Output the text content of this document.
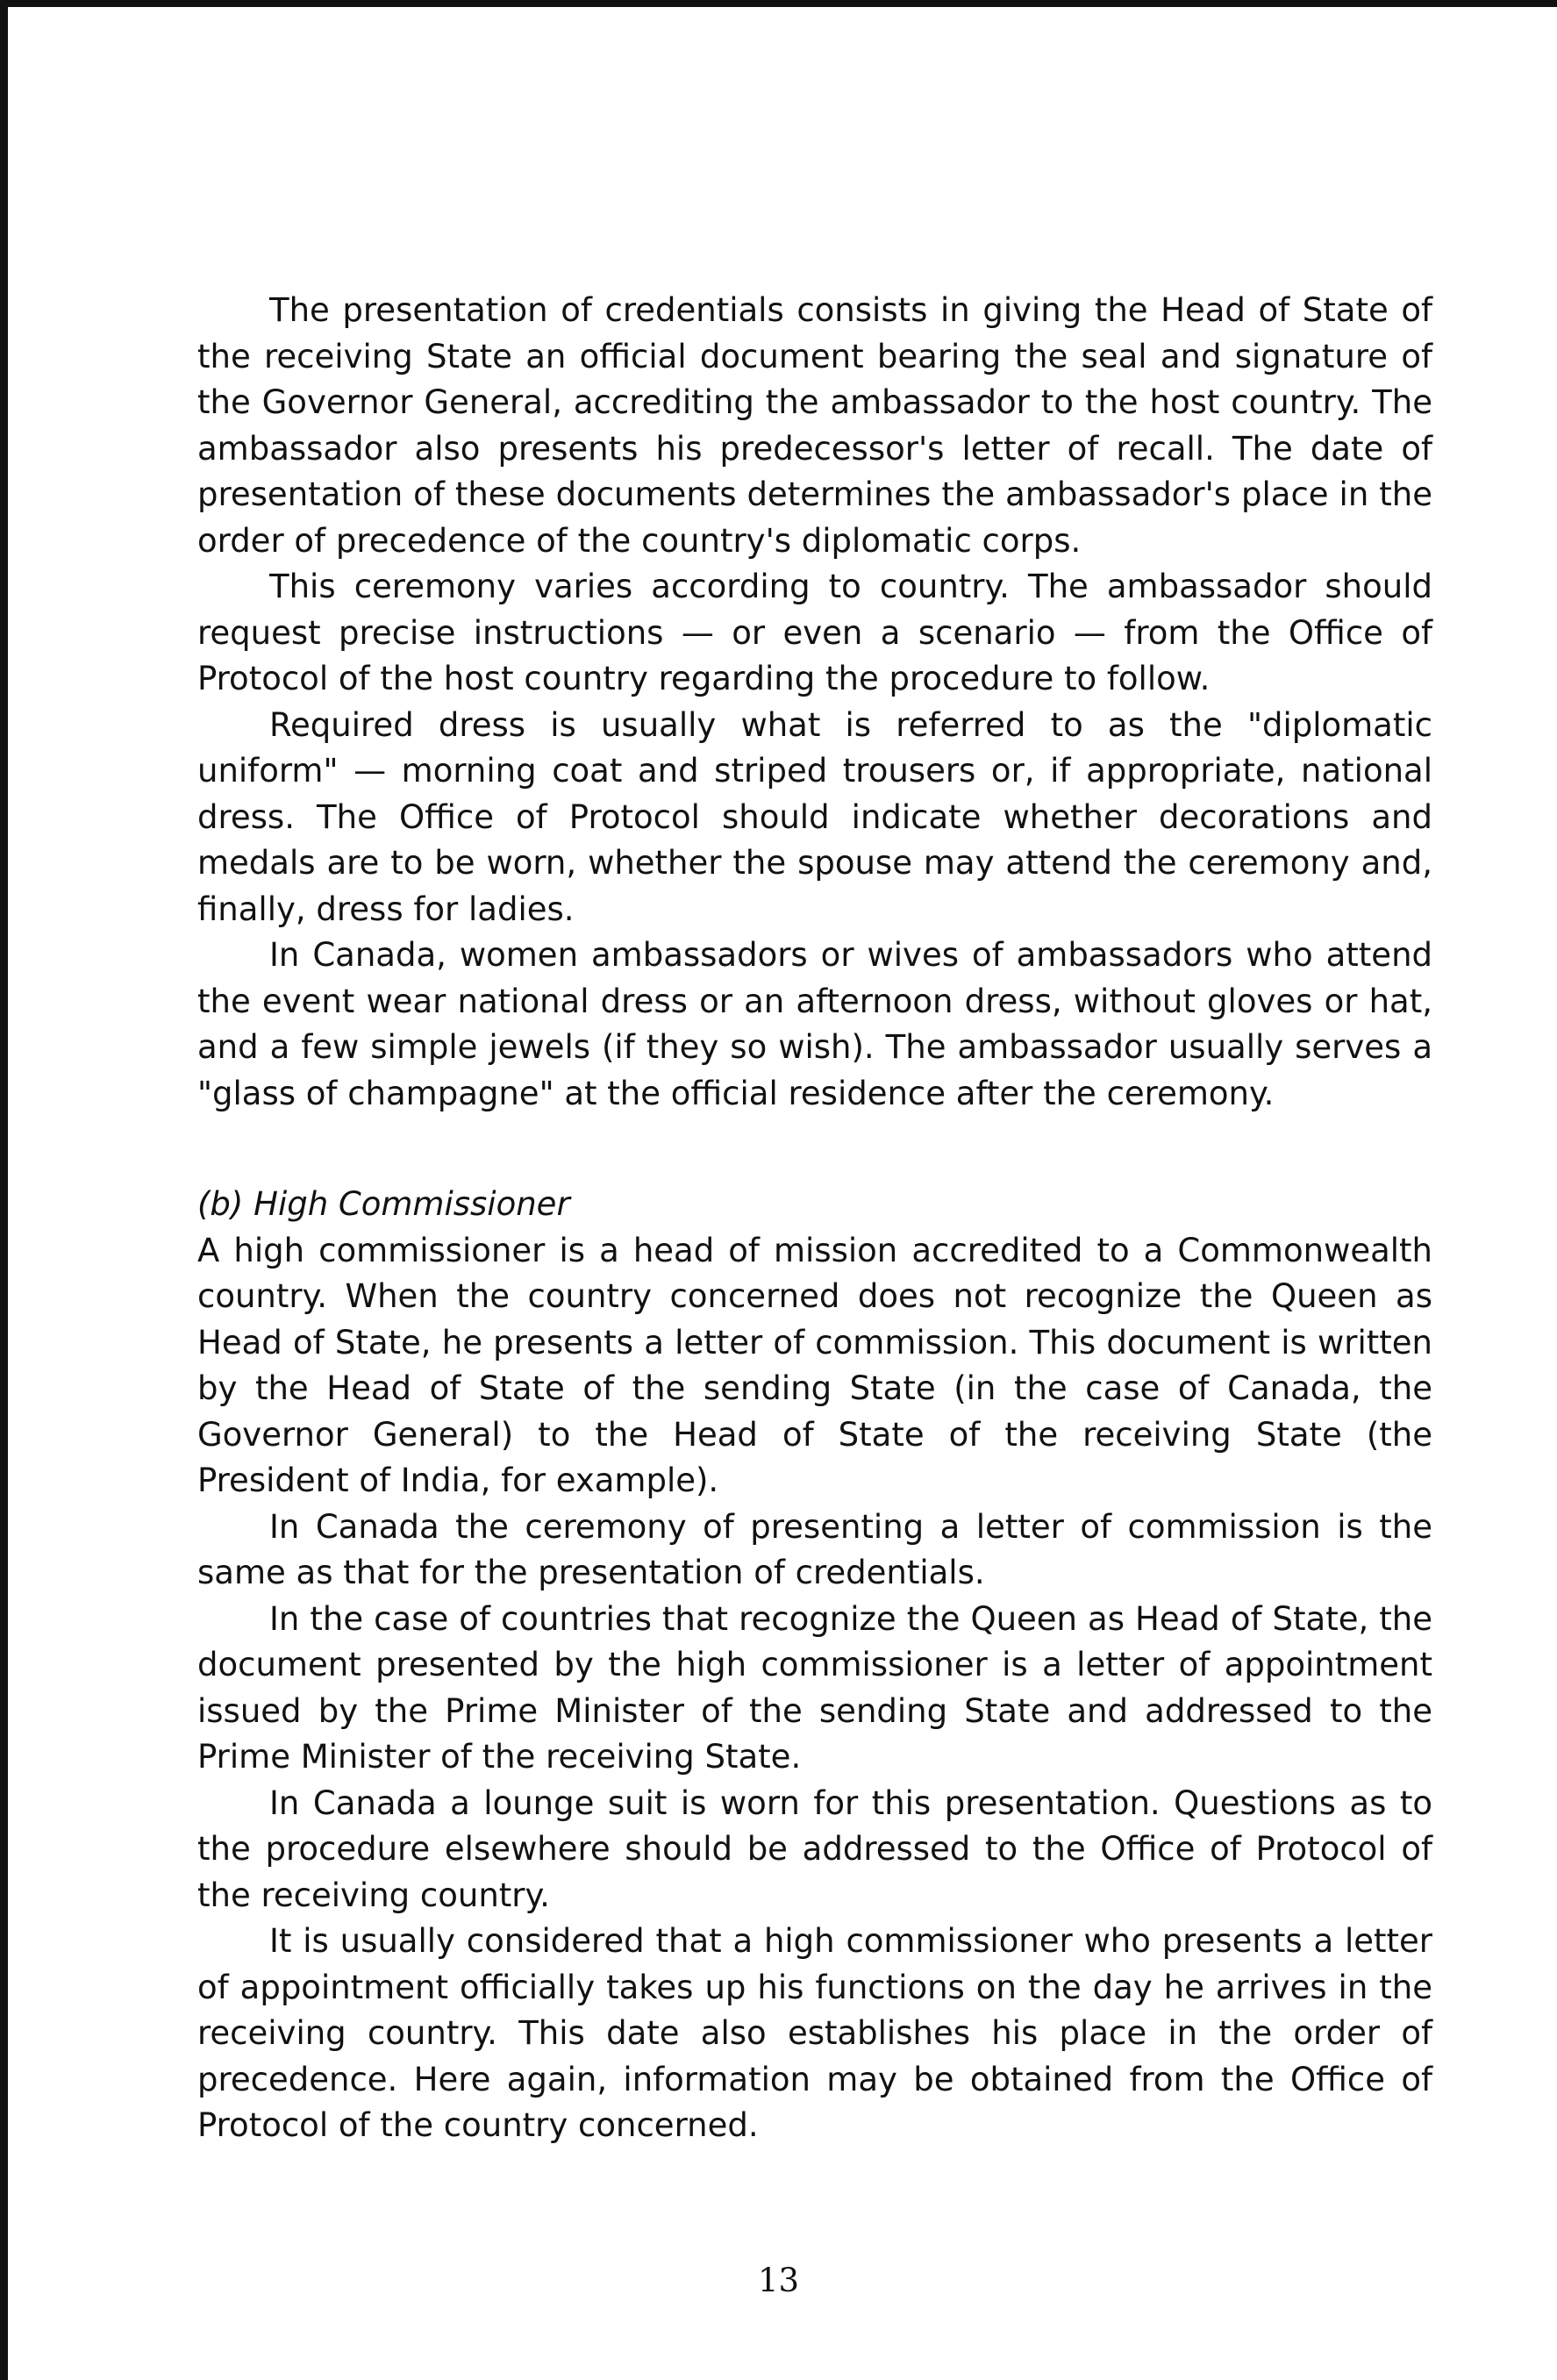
The presentation of credentials consists in giving the Head of State of the receiving State an official document bearing the seal and signature of the Governor General, accrediting the ambassador to the host country. The ambassador also presents his predecessor's letter of recall. The date of presentation of these documents determines the ambassador's place in the order of precedence of the country's diplomatic corps.

This ceremony varies according to country. The ambassador should request precise instructions — or even a scenario — from the Office of Protocol of the host country regarding the procedure to follow.

Required dress is usually what is referred to as the "diplomatic uniform" — morning coat and striped trousers or, if appropriate, national dress. The Office of Protocol should indicate whether decorations and medals are to be worn, whether the spouse may attend the ceremony and, finally, dress for ladies.

In Canada, women ambassadors or wives of ambassadors who attend the event wear national dress or an afternoon dress, without gloves or hat, and a few simple jewels (if they so wish). The ambassador usually serves a "glass of champagne" at the official residence after the ceremony.

(b) High Commissioner

A high commissioner is a head of mission accredited to a Commonwealth country. When the country concerned does not recognize the Queen as Head of State, he presents a letter of commission. This document is written by the Head of State of the sending State (in the case of Canada, the Governor General) to the Head of State of the receiving State (the President of India, for example).

In Canada the ceremony of presenting a letter of commission is the same as that for the presentation of credentials.

In the case of countries that recognize the Queen as Head of State, the document presented by the high commissioner is a letter of appointment issued by the Prime Minister of the sending State and addressed to the Prime Minister of the receiving State.

In Canada a lounge suit is worn for this presentation. Questions as to the procedure elsewhere should be addressed to the Office of Protocol of the receiving country.

It is usually considered that a high commissioner who presents a letter of appointment officially takes up his functions on the day he arrives in the receiving country. This date also establishes his place in the order of precedence. Here again, information may be obtained from the Office of Protocol of the country concerned.

13
